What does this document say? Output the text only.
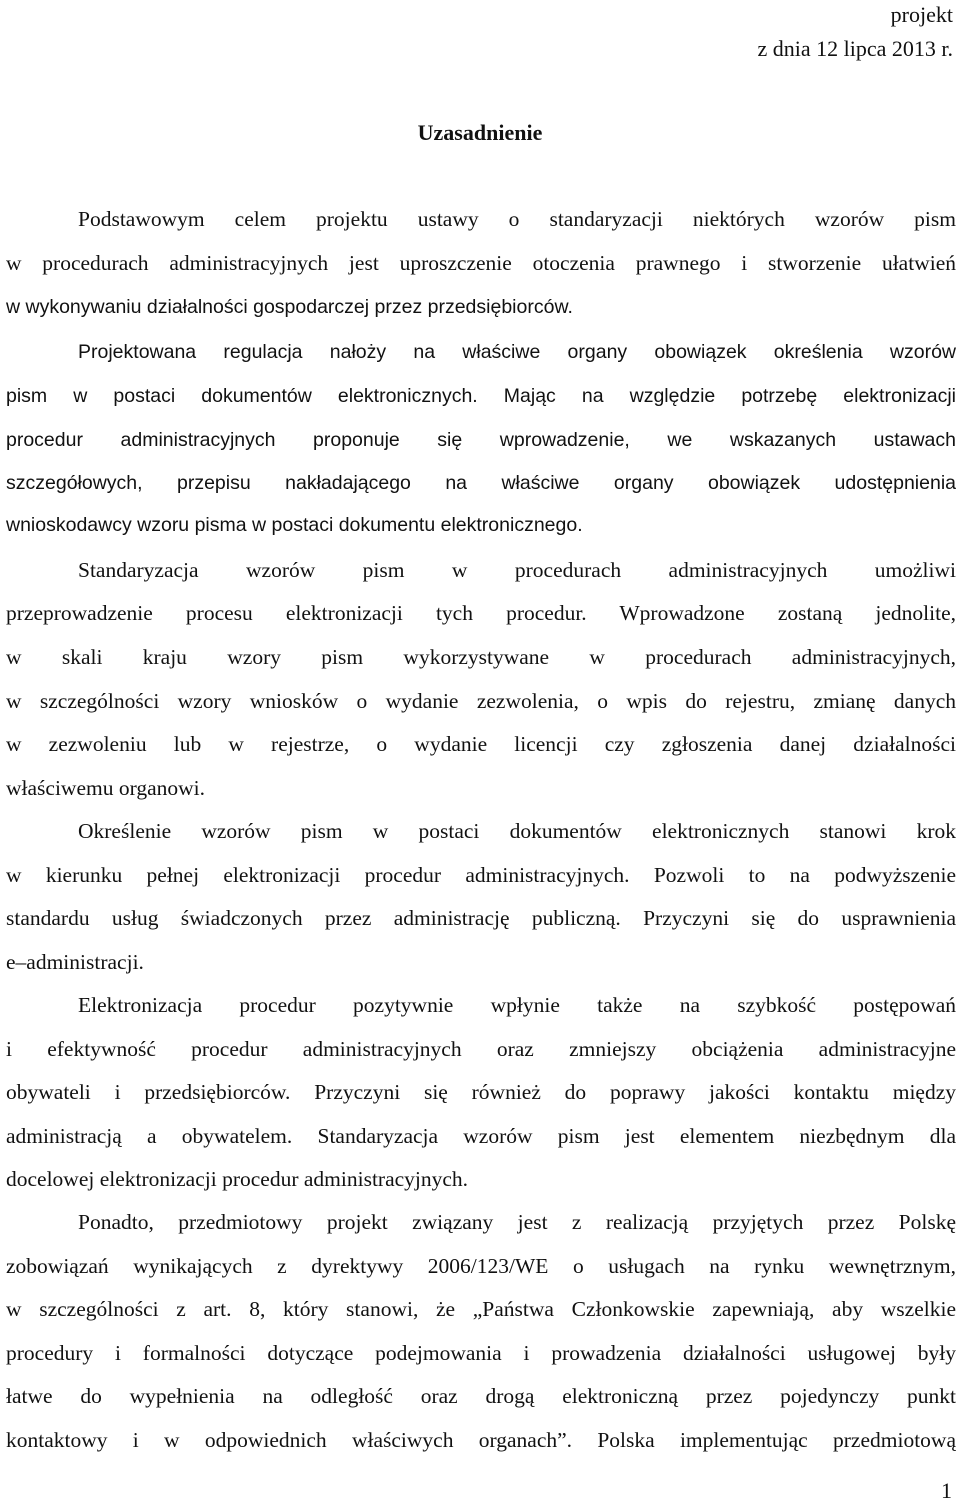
projekt
z dnia 12 lipca 2013 r.
Uzasadnienie
Podstawowym celem projektu ustawy o standaryzacji niektórych wzorów pism
w procedurach administracyjnych jest uproszczenie otoczenia prawnego i stworzenie ułatwień
w wykonywaniu działalności gospodarczej przez przedsiębiorców.
Projektowana regulacja nałoży na właściwe organy obowiązek określenia wzorów
pism w postaci dokumentów elektronicznych. Mając na względzie potrzebę elektronizacji
procedur administracyjnych proponuje się wprowadzenie, we wskazanych ustawach
szczegółowych, przepisu nakładającego na właściwe organy obowiązek udostępnienia
wnioskodawcy wzoru pisma w postaci dokumentu elektronicznego.
Standaryzacja wzorów pism w procedurach administracyjnych umożliwi
przeprowadzenie procesu elektronizacji tych procedur. Wprowadzone zostaną jednolite,
w skali kraju wzory pism wykorzystywane w procedurach administracyjnych,
w szczególności wzory wniosków o wydanie zezwolenia, o wpis do rejestru, zmianę danych
w zezwoleniu lub w rejestrze, o wydanie licencji czy zgłoszenia danej działalności
właściwemu organowi.
Określenie wzorów pism w postaci dokumentów elektronicznych stanowi krok
w kierunku pełnej elektronizacji procedur administracyjnych. Pozwoli to na podwyższenie
standardu usług świadczonych przez administrację publiczną. Przyczyni się do usprawnienia
e–administracji.
Elektronizacja procedur pozytywnie wpłynie także na szybkość postępowań
i efektywność procedur administracyjnych oraz zmniejszy obciążenia administracyjne
obywateli i przedsiębiorców. Przyczyni się również do poprawy jakości kontaktu między
administracją a obywatelem. Standaryzacja wzorów pism jest elementem niezbędnym dla
docelowej elektronizacji procedur administracyjnych.
Ponadto, przedmiotowy projekt związany jest z realizacją przyjętych przez Polskę
zobowiązań wynikających z dyrektywy 2006/123/WE o usługach na rynku wewnętrznym,
w szczególności z art. 8, który stanowi, że „Państwa Członkowskie zapewniają, aby wszelkie
procedury i formalności dotyczące podejmowania i prowadzenia działalności usługowej były
łatwe do wypełnienia na odległość oraz drogą elektroniczną przez pojedynczy punkt
kontaktowy i w odpowiednich właściwych organach”. Polska implementując przedmiotową
1
